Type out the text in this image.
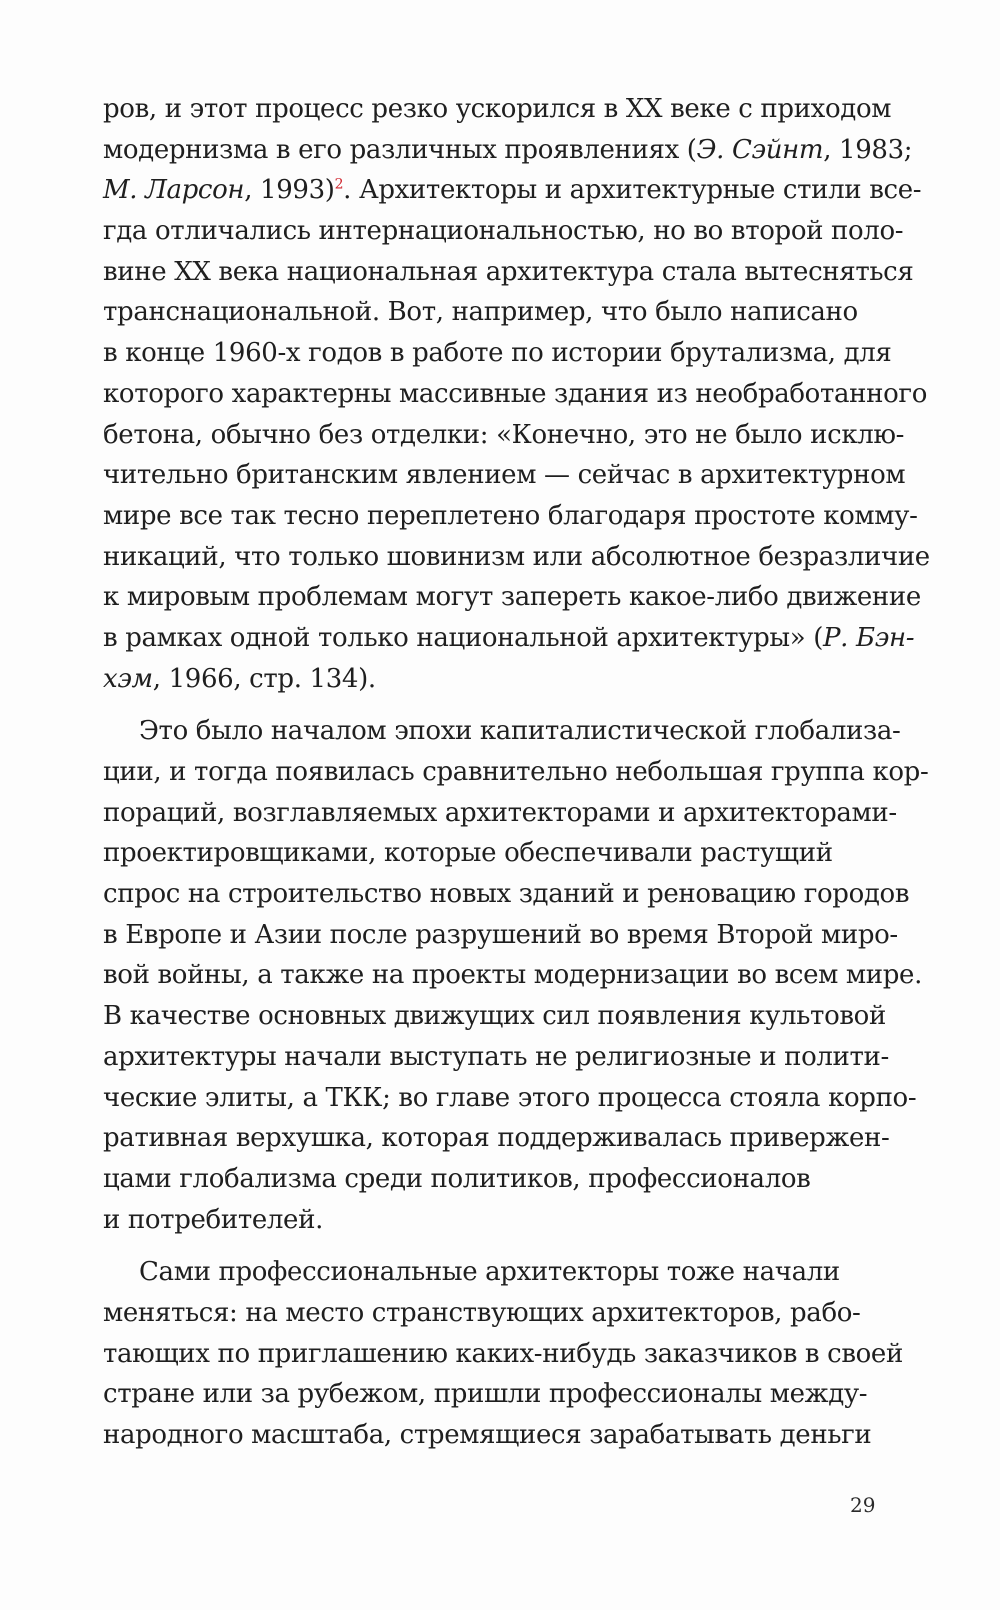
ров, и этот процесс резко ускорился в XX веке с приходом
модернизма в его различных проявлениях (Э. Сэйнт, 1983;
М. Ларсон, 1993)$^2$. Архитекторы и архитектурные стили все-
гда отличались интернациональностью, но во второй поло-
вине XX века национальная архитектура стала вытесняться
транснациональной. Вот, например, что было написано
в конце 1960-х годов в работе по истории брутализма, для
которого характерны массивные здания из необработанного
бетона, обычно без отделки: «Конечно, это не было исклю-
чительно британским явлением — сейчас в архитектурном
мире все так тесно переплетено благодаря простоте комму-
никаций, что только шовинизм или абсолютное безразличие
к мировым проблемам могут запереть какое-либо движение
в рамках одной только национальной архитектуры» (Р. Бэн-
хэм, 1966, стр. 134).
Это было началом эпохи капиталистической глобализа-
ции, и тогда появилась сравнительно небольшая группа кор-
пораций, возглавляемых архитекторами и архитекторами-
проектировщиками, которые обеспечивали растущий
спрос на строительство новых зданий и реновацию городов
в Европе и Азии после разрушений во время Второй миро-
вой войны, а также на проекты модернизации во всем мире.
В качестве основных движущих сил появления культовой
архитектуры начали выступать не религиозные и полити-
ческие элиты, а ТКК; во главе этого процесса стояла корпо-
ративная верхушка, которая поддерживалась привержен-
цами глобализма среди политиков, профессионалов
и потребителей.
Сами профессиональные архитекторы тоже начали
меняться: на место странствующих архитекторов, рабо-
тающих по приглашению каких-нибудь заказчиков в своей
стране или за рубежом, пришли профессионалы между-
народного масштаба, стремящиеся зарабатывать деньги
29
